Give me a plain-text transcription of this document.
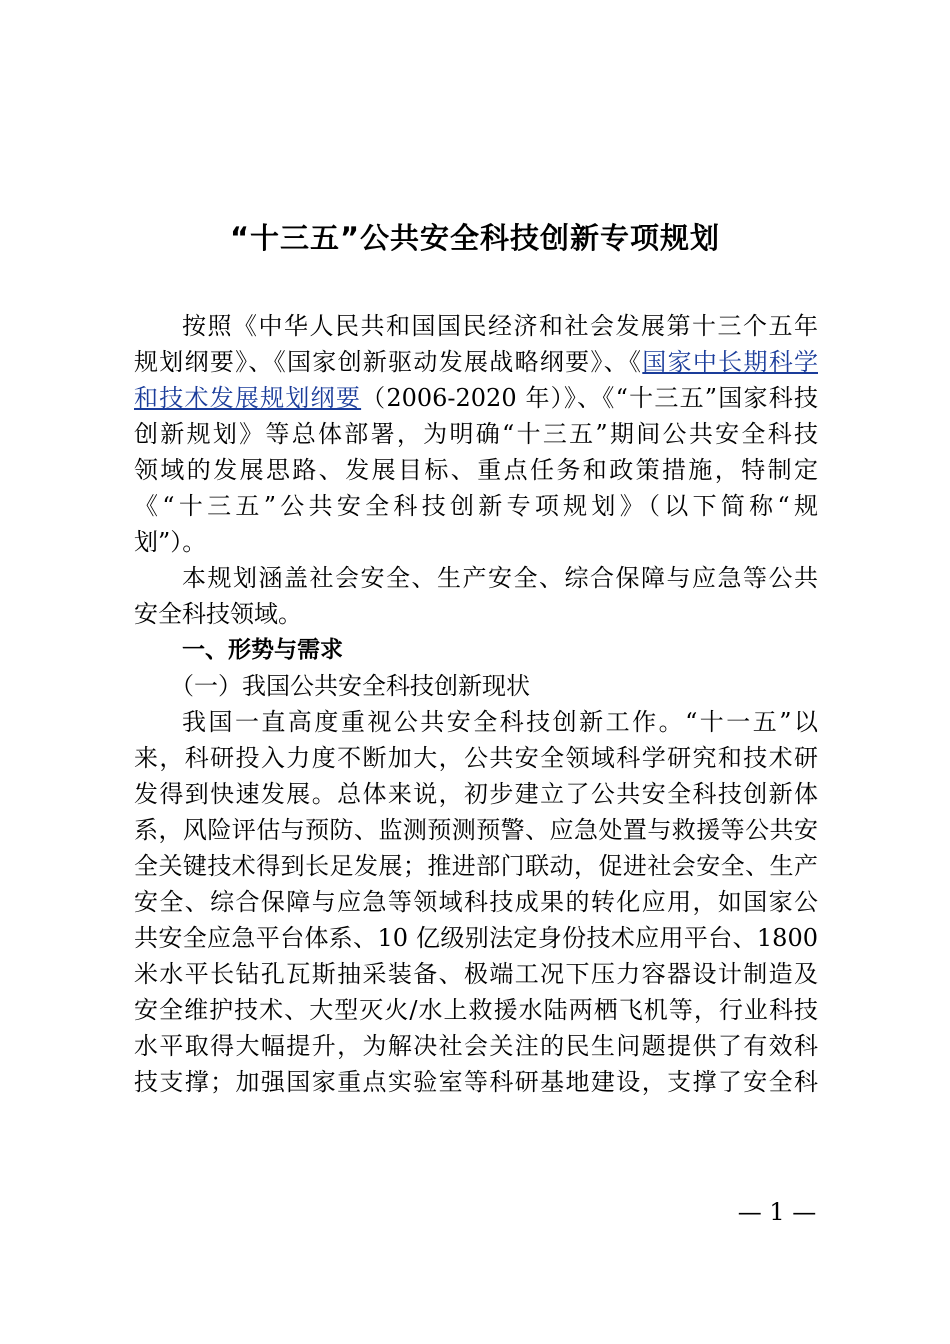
“十三五”公共安全科技创新专项规划
按照《中华人民共和国国民经济和社会发展第十三个五年
规划纲要》、《国家创新驱动发展战略纲要》、《国家中长期科学
和技术发展规划纲要（2006-2020 年）》、《“十三五”国家科技
创新规划》等总体部署，为明确“十三五”期间公共安全科技
领域的发展思路、发展目标、重点任务和政策措施，特制定
《“十三五”公共安全科技创新专项规划》（以下简称“规
划”）。
本规划涵盖社会安全、生产安全、综合保障与应急等公共
安全科技领域。
一、形势与需求
（一）我国公共安全科技创新现状
我国一直高度重视公共安全科技创新工作。“十一五”以
来，科研投入力度不断加大，公共安全领域科学研究和技术研
发得到快速发展。总体来说，初步建立了公共安全科技创新体
系，风险评估与预防、监测预测预警、应急处置与救援等公共安
全关键技术得到长足发展；推进部门联动，促进社会安全、生产
安全、综合保障与应急等领域科技成果的转化应用，如国家公
共安全应急平台体系、10 亿级别法定身份技术应用平台、1800
米水平长钻孔瓦斯抽采装备、极端工况下压力容器设计制造及
安全维护技术、大型灭火/水上救援水陆两栖飞机等，行业科技
水平取得大幅提升，为解决社会关注的民生问题提供了有效科
技支撑；加强国家重点实验室等科研基地建设，支撑了安全科
— 1 —
